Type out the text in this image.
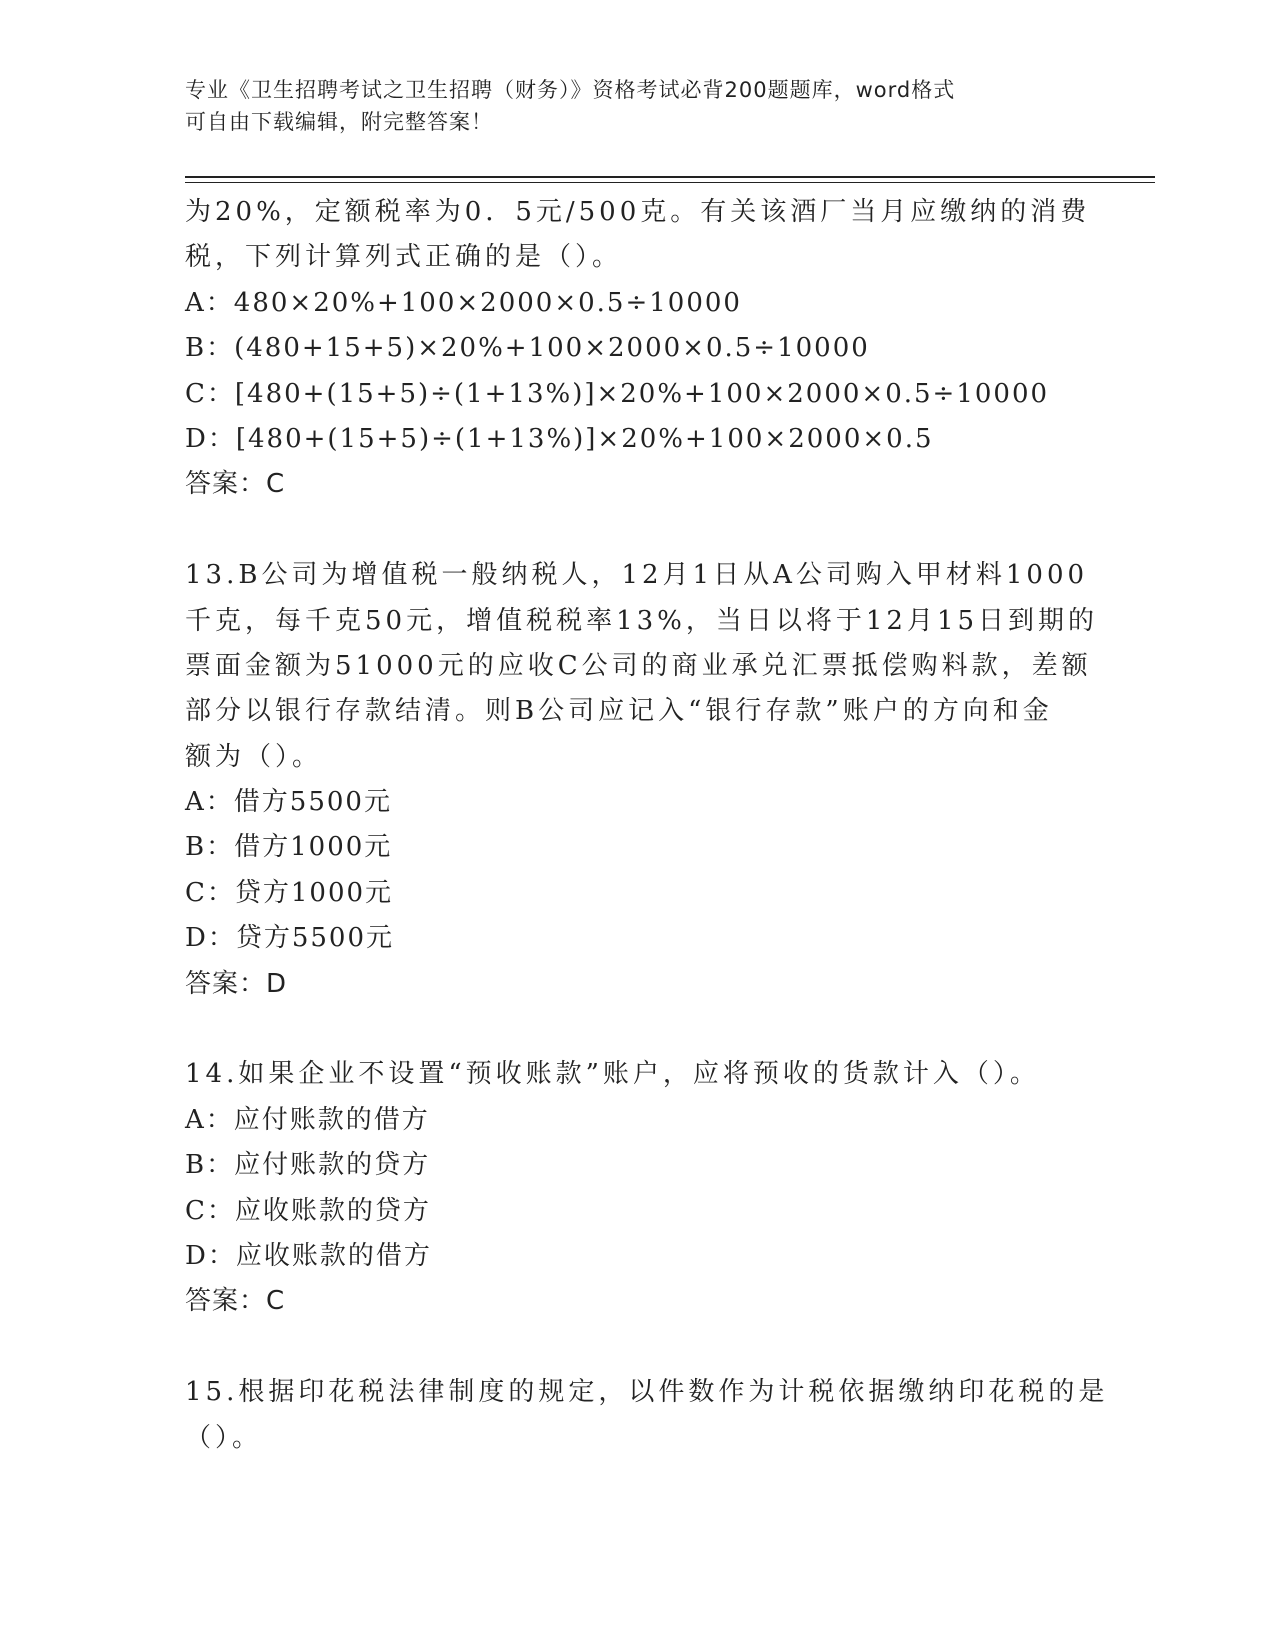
专业《卫生招聘考试之卫生招聘（财务）》资格考试必背200题题库，word格式
可自由下载编辑，附完整答案！
为20%，定额税率为0．5元/500克。有关该酒厂当月应缴纳的消费
税，下列计算列式正确的是（）。
A：480×20%+100×2000×0.5÷10000
B：(480+15+5)×20%+100×2000×0.5÷10000
C：[480+(15+5)÷(1+13%)]×20%+100×2000×0.5÷10000
D：[480+(15+5)÷(1+13%)]×20%+100×2000×0.5
答案：C
13.B公司为增值税一般纳税人，12月1日从A公司购入甲材料1000
千克，每千克50元，增值税税率13%，当日以将于12月15日到期的
票面金额为51000元的应收C公司的商业承兑汇票抵偿购料款，差额
部分以银行存款结清。则B公司应记入“银行存款”账户的方向和金
额为（）。
A：借方5500元
B：借方1000元
C：贷方1000元
D：贷方5500元
答案：D
14.如果企业不设置“预收账款”账户，应将预收的货款计入（）。
A：应付账款的借方
B：应付账款的贷方
C：应收账款的贷方
D：应收账款的借方
答案：C
15.根据印花税法律制度的规定，以件数作为计税依据缴纳印花税的是
（）。
